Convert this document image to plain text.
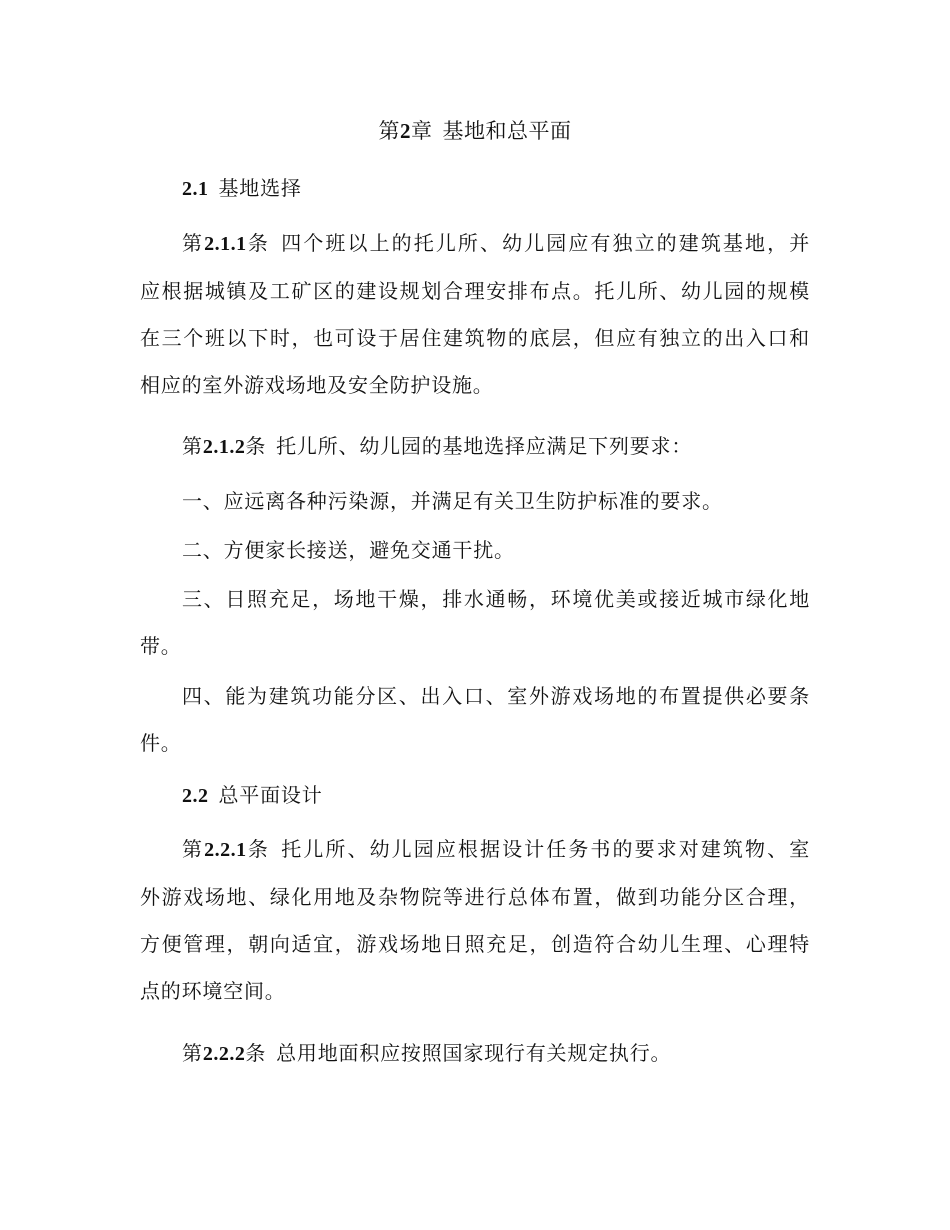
第2章 基地和总平面
2.1 基地选择
第2.1.1条 四个班以上的托儿所、幼儿园应有独立的建筑基地，并
应根据城镇及工矿区的建设规划合理安排布点。托儿所、幼儿园的规模
在三个班以下时，也可设于居住建筑物的底层，但应有独立的出入口和
相应的室外游戏场地及安全防护设施。
第2.1.2条 托儿所、幼儿园的基地选择应满足下列要求：
一、应远离各种污染源，并满足有关卫生防护标准的要求。
二、方便家长接送，避免交通干扰。
三、日照充足，场地干燥，排水通畅，环境优美或接近城市绿化地
带。
四、能为建筑功能分区、出入口、室外游戏场地的布置提供必要条
件。
2.2 总平面设计
第2.2.1条 托儿所、幼儿园应根据设计任务书的要求对建筑物、室
外游戏场地、绿化用地及杂物院等进行总体布置，做到功能分区合理，
方便管理，朝向适宜，游戏场地日照充足，创造符合幼儿生理、心理特
点的环境空间。
第2.2.2条 总用地面积应按照国家现行有关规定执行。
